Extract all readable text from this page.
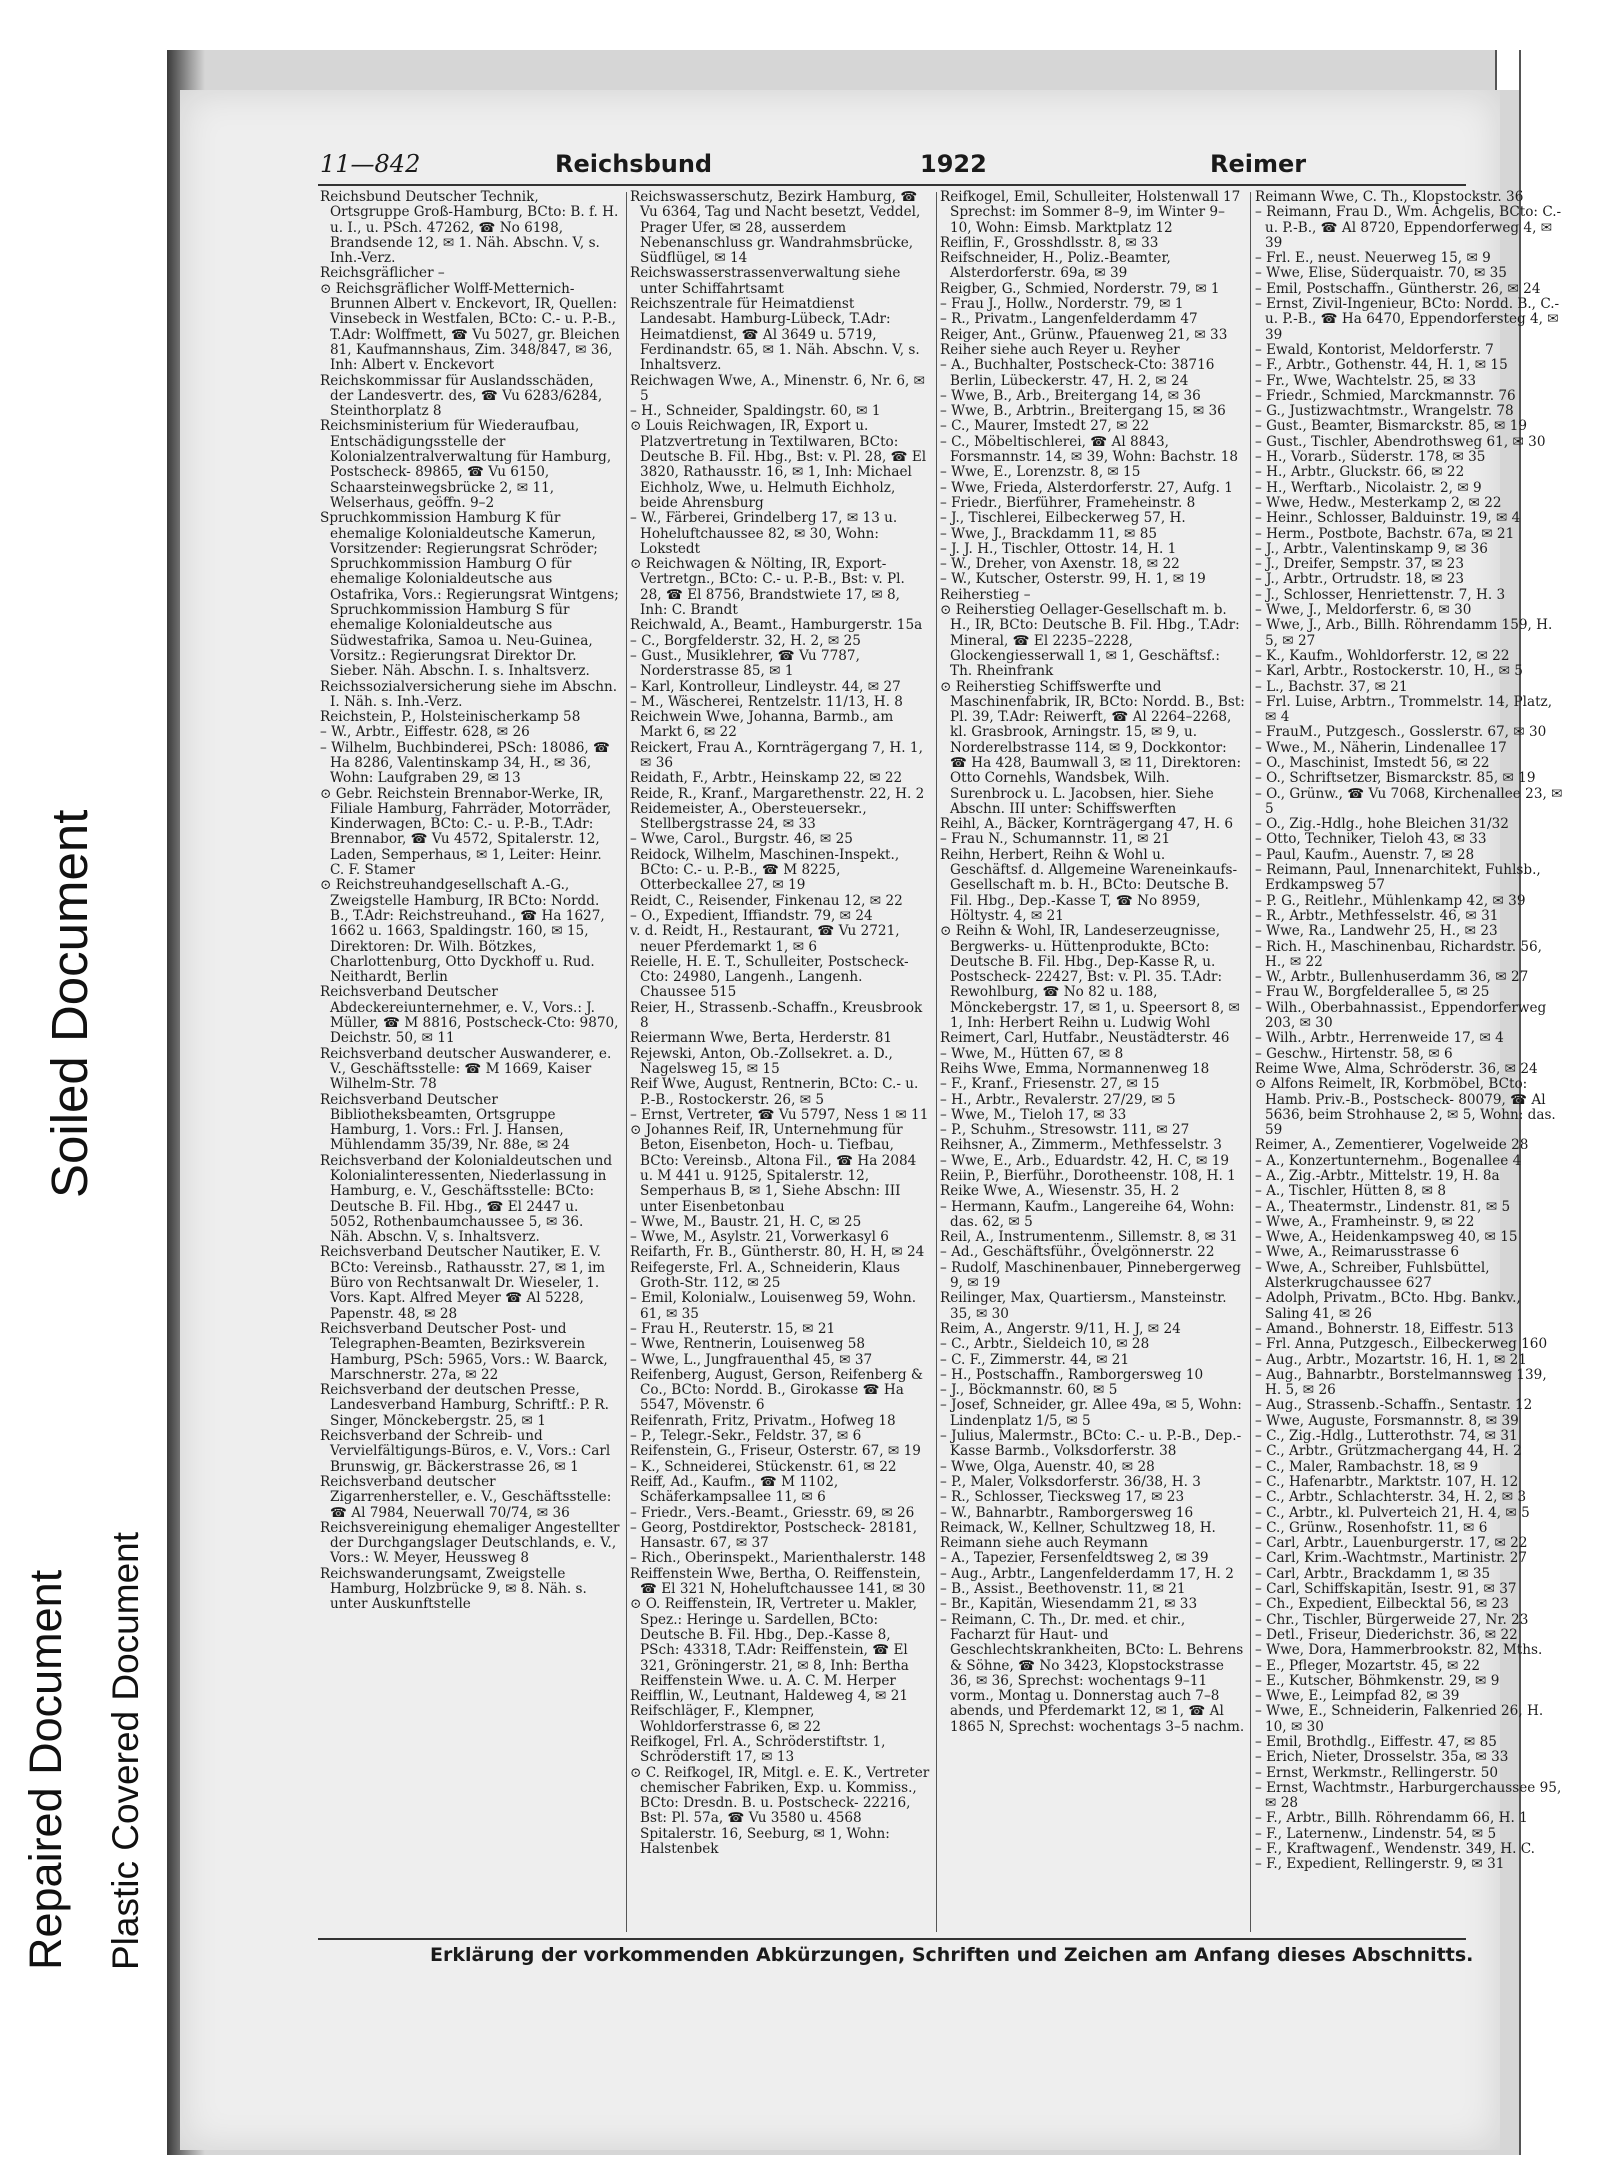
Soiled Document
Repaired Document Plastic Covered Document
11—842	Reichsbund	1922	Reimer

Reichsbund Deutscher Technik, Ortsgruppe Groß-Hamburg, BCto: B. f. H. u. I., u. PSch. 47262, ☎ No 6198, Brandsende 12, ✉ 1. Näh. Abschn. V, s. Inh.-Verz.

Reichsgräflicher –

⊙ Reichsgräflicher Wolff-Metternich-Brunnen Albert v. Enckevort, IR, Quellen: Vinsebeck in Westfalen, BCto: C.- u. P.-B., T.Adr: Wolffmett, ☎ Vu 5027, gr. Bleichen 81, Kaufmannshaus, Zim. 348/847, ✉ 36, Inh: Albert v. Enckevort

Reichskommissar für Auslandsschäden, der Landesvertr. des, ☎ Vu 6283/6284, Steinthorplatz 8

Reichsministerium für Wiederaufbau, Entschädigungsstelle der Kolonialzentralverwaltung für Hamburg, Postscheck- 89865, ☎ Vu 6150, Schaarsteinwegsbrücke 2, ✉ 11, Welserhaus, geöffn. 9–2

Spruchkommission Hamburg K für ehemalige Kolonialdeutsche Kamerun, Vorsitzender: Regierungsrat Schröder; Spruchkommission Hamburg O für ehemalige Kolonialdeutsche aus Ostafrika, Vors.: Regierungsrat Wintgens; Spruchkommission Hamburg S für ehemalige Kolonialdeutsche aus Südwestafrika, Samoa u. Neu-Guinea, Vorsitz.: Regierungsrat Direktor Dr. Sieber. Näh. Abschn. I. s. Inhaltsverz.

Reichssozialversicherung siehe im Abschn. I. Näh. s. Inh.-Verz.

Reichstein, P., Holsteinischerkamp 58

– W., Arbtr., Eiffestr. 628, ✉ 26

– Wilhelm, Buchbinderei, PSch: 18086, ☎ Ha 8286, Valentinskamp 34, H., ✉ 36, Wohn: Laufgraben 29, ✉ 13

⊙ Gebr. Reichstein Brennabor-Werke, IR, Filiale Hamburg, Fahrräder, Motorräder, Kinderwagen, BCto: C.- u. P.-B., T.Adr: Brennabor, ☎ Vu 4572, Spitalerstr. 12, Laden, Semperhaus, ✉ 1, Leiter: Heinr. C. F. Stamer

⊙ Reichstreuhandgesellschaft A.-G., Zweigstelle Hamburg, IR BCto: Nordd. B., T.Adr: Reichstreuhand., ☎ Ha 1627, 1662 u. 1663, Spaldingstr. 160, ✉ 15, Direktoren: Dr. Wilh. Bötzkes, Charlottenburg, Otto Dyckhoff u. Rud. Neithardt, Berlin

Reichsverband Deutscher Abdeckereiunternehmer, e. V., Vors.: J. Müller, ☎ M 8816, Postscheck-Cto: 9870, Deichstr. 50, ✉ 11

Reichsverband deutscher Auswanderer, e. V., Geschäftsstelle: ☎ M 1669, Kaiser Wilhelm-Str. 78

Reichsverband Deutscher Bibliotheksbeamten, Ortsgruppe Hamburg, 1. Vors.: Frl. J. Hansen, Mühlendamm 35/39, Nr. 88e, ✉ 24

Reichsverband der Kolonialdeutschen und Kolonialinteressenten, Niederlassung in Hamburg, e. V., Geschäftsstelle: BCto: Deutsche B. Fil. Hbg., ☎ El 2447 u. 5052, Rothenbaumchaussee 5, ✉ 36. Näh. Abschn. V, s. Inhaltsverz.

Reichsverband Deutscher Nautiker, E. V. BCto: Vereinsb., Rathausstr. 27, ✉ 1, im Büro von Rechtsanwalt Dr. Wieseler, 1. Vors. Kapt. Alfred Meyer ☎ Al 5228, Papenstr. 48, ✉ 28

Reichsverband Deutscher Post- und Telegraphen-Beamten, Bezirksverein Hamburg, PSch: 5965, Vors.: W. Baarck, Marschnerstr. 27a, ✉ 22

Reichsverband der deutschen Presse, Landesverband Hamburg, Schriftf.: P. R. Singer, Mönckebergstr. 25, ✉ 1

Reichsverband der Schreib- und Vervielfältigungs-Büros, e. V., Vors.: Carl Brunswig, gr. Bäckerstrasse 26, ✉ 1

Reichsverband deutscher Zigarrenhersteller, e. V., Geschäftsstelle: ☎ Al 7984, Neuerwall 70/74, ✉ 36

Reichsvereinigung ehemaliger Angestellter der Durchgangslager Deutschlands, e. V., Vors.: W. Meyer, Heussweg 8

Reichswanderungsamt, Zweigstelle Hamburg, Holzbrücke 9, ✉ 8. Näh. s. unter Auskunftstelle

Reichswasserschutz, Bezirk Hamburg, ☎ Vu 6364, Tag und Nacht besetzt, Veddel, Prager Ufer, ✉ 28, ausserdem Nebenanschluss gr. Wandrahmsbrücke, Südflügel, ✉ 14

Reichswasserstrassenverwaltung siehe unter Schiffahrtsamt

Reichszentrale für Heimatdienst Landesabt. Hamburg-Lübeck, T.Adr: Heimatdienst, ☎ Al 3649 u. 5719, Ferdinandstr. 65, ✉ 1. Näh. Abschn. V, s. Inhaltsverz.

Reichwagen Wwe, A., Minenstr. 6, Nr. 6, ✉ 5

– H., Schneider, Spaldingstr. 60, ✉ 1

⊙ Louis Reichwagen, IR, Export u. Platzvertretung in Textilwaren, BCto: Deutsche B. Fil. Hbg., Bst: v. Pl. 28, ☎ El 3820, Rathausstr. 16, ✉ 1, Inh: Michael Eichholz, Wwe, u. Helmuth Eichholz, beide Ahrensburg

– W., Färberei, Grindelberg 17, ✉ 13 u. Hoheluftchaussee 82, ✉ 30, Wohn: Lokstedt

⊙ Reichwagen & Nölting, IR, Export-Vertretgn., BCto: C.- u. P.-B., Bst: v. Pl. 28, ☎ El 8756, Brandstwiete 17, ✉ 8, Inh: C. Brandt

Reichwald, A., Beamt., Hamburgerstr. 15a

– C., Borgfelderstr. 32, H. 2, ✉ 25

– Gust., Musiklehrer, ☎ Vu 7787, Norderstrasse 85, ✉ 1

– Karl, Kontrolleur, Lindleystr. 44, ✉ 27

– M., Wäscherei, Rentzelstr. 11/13, H. 8

Reichwein Wwe, Johanna, Barmb., am Markt 6, ✉ 22

Reickert, Frau A., Kornträgergang 7, H. 1, ✉ 36

Reidath, F., Arbtr., Heinskamp 22, ✉ 22

Reide, R., Kranf., Margarethenstr. 22, H. 2

Reidemeister, A., Obersteuersekr., Stellbergstrasse 24, ✉ 33

– Wwe, Carol., Burgstr. 46, ✉ 25

Reidock, Wilhelm, Maschinen-Inspekt., BCto: C.- u. P.-B., ☎ M 8225, Otterbeckallee 27, ✉ 19

Reidt, C., Reisender, Finkenau 12, ✉ 22

– O., Expedient, Iffiandstr. 79, ✉ 24

v. d. Reidt, H., Restaurant, ☎ Vu 2721, neuer Pferdemarkt 1, ✉ 6

Reielle, H. E. T., Schulleiter, Postscheck-Cto: 24980, Langenh., Langenh. Chaussee 515

Reier, H., Strassenb.-Schaffn., Kreusbrook 8

Reiermann Wwe, Berta, Herderstr. 81

Rejewski, Anton, Ob.-Zollsekret. a. D., Nagelsweg 15, ✉ 15

Reif Wwe, August, Rentnerin, BCto: C.- u. P.-B., Rostockerstr. 26, ✉ 5

– Ernst, Vertreter, ☎ Vu 5797, Ness 1 ✉ 11

⊙ Johannes Reif, IR, Unternehmung für Beton, Eisenbeton, Hoch- u. Tiefbau, BCto: Vereinsb., Altona Fil., ☎ Ha 2084 u. M 441 u. 9125, Spitalerstr. 12, Semperhaus B, ✉ 1, Siehe Abschn: III unter Eisenbetonbau

– Wwe, M., Baustr. 21, H. C, ✉ 25

– Wwe, M., Asylstr. 21, Vorwerkasyl 6

Reifarth, Fr. B., Güntherstr. 80, H. H, ✉ 24

Reifegerste, Frl. A., Schneiderin, Klaus Groth-Str. 112, ✉ 25

– Emil, Kolonialw., Louisenweg 59, Wohn. 61, ✉ 35

– Frau H., Reuterstr. 15, ✉ 21

– Wwe, Rentnerin, Louisenweg 58

– Wwe, L., Jungfrauenthal 45, ✉ 37

Reifenberg, August, Gerson, Reifenberg & Co., BCto: Nordd. B., Girokasse ☎ Ha 5547, Mövenstr. 6

Reifenrath, Fritz, Privatm., Hofweg 18

– P., Telegr.-Sekr., Feldstr. 37, ✉ 6

Reifenstein, G., Friseur, Osterstr. 67, ✉ 19

– K., Schneiderei, Stückenstr. 61, ✉ 22

Reiff, Ad., Kaufm., ☎ M 1102, Schäferkampsallee 11, ✉ 6

– Friedr., Vers.-Beamt., Griesstr. 69, ✉ 26

– Georg, Postdirektor, Postscheck- 28181, Hansastr. 67, ✉ 37

– Rich., Oberinspekt., Marienthalerstr. 148

Reiffenstein Wwe, Bertha, O. Reiffenstein, ☎ El 321 N, Hoheluftchaussee 141, ✉ 30

⊙ O. Reiffenstein, IR, Vertreter u. Makler, Spez.: Heringe u. Sardellen, BCto: Deutsche B. Fil. Hbg., Dep.-Kasse 8, PSch: 43318, T.Adr: Reiffenstein, ☎ El 321, Gröningerstr. 21, ✉ 8, Inh: Bertha Reiffenstein Wwe. u. A. C. M. Herper

Reifflin, W., Leutnant, Haldeweg 4, ✉ 21

Reifschläger, F., Klempner, Wohldorferstrasse 6, ✉ 22

Reifkogel, Frl. A., Schröderstiftstr. 1, Schröderstift 17, ✉ 13

⊙ C. Reifkogel, IR, Mitgl. e. E. K., Vertreter chemischer Fabriken, Exp. u. Kommiss., BCto: Dresdn. B. u. Postscheck- 22216, Bst: Pl. 57a, ☎ Vu 3580 u. 4568 Spitalerstr. 16, Seeburg, ✉ 1, Wohn: Halstenbek

Reifkogel, Emil, Schulleiter, Holstenwall 17 Sprechst: im Sommer 8–9, im Winter 9–10, Wohn: Eimsb. Marktplatz 12

Reiflin, F., Grosshdlsstr. 8, ✉ 33

Reifschneider, H., Poliz.-Beamter, Alsterdorferstr. 69a, ✉ 39

Reigber, G., Schmied, Norderstr. 79, ✉ 1

– Frau J., Hollw., Norderstr. 79, ✉ 1

– R., Privatm., Langenfelderdamm 47

Reiger, Ant., Grünw., Pfauenweg 21, ✉ 33

Reiher siehe auch Reyer u. Reyher

– A., Buchhalter, Postscheck-Cto: 38716 Berlin, Lübeckerstr. 47, H. 2, ✉ 24

– Wwe, B., Arb., Breitergang 14, ✉ 36

– Wwe, B., Arbtrin., Breitergang 15, ✉ 36

– C., Maurer, Imstedt 27, ✉ 22

– C., Möbeltischlerei, ☎ Al 8843, Forsmannstr. 14, ✉ 39, Wohn: Bachstr. 18

– Wwe, E., Lorenzstr. 8, ✉ 15

– Wwe, Frieda, Alsterdorferstr. 27, Aufg. 1

– Friedr., Bierführer, Frameheinstr. 8

– J., Tischlerei, Eilbeckerweg 57, H.

– Wwe, J., Brackdamm 11, ✉ 85

– J. J. H., Tischler, Ottostr. 14, H. 1

– W., Dreher, von Axenstr. 18, ✉ 22

– W., Kutscher, Osterstr. 99, H. 1, ✉ 19

Reiherstieg –

⊙ Reiherstieg Oellager-Gesellschaft m. b. H., IR, BCto: Deutsche B. Fil. Hbg., T.Adr: Mineral, ☎ El 2235–2228, Glockengiesserwall 1, ✉ 1, Geschäftsf.: Th. Rheinfrank

⊙ Reiherstieg Schiffswerfte und Maschinenfabrik, IR, BCto: Nordd. B., Bst: Pl. 39, T.Adr: Reiwerft, ☎ Al 2264–2268, kl. Grasbrook, Arningstr. 15, ✉ 9, u. Norderelbstrasse 114, ✉ 9, Dockkontor: ☎ Ha 428, Baumwall 3, ✉ 11, Direktoren: Otto Cornehls, Wandsbek, Wilh. Surenbrock u. L. Jacobsen, hier. Siehe Abschn. III unter: Schiffswerften

Reihl, A., Bäcker, Kornträgergang 47, H. 6

– Frau N., Schumannstr. 11, ✉ 21

Reihn, Herbert, Reihn & Wohl u. Geschäftsf. d. Allgemeine Wareneinkaufs-Gesellschaft m. b. H., BCto: Deutsche B. Fil. Hbg., Dep.-Kasse T, ☎ No 8959, Höltystr. 4, ✉ 21

⊙ Reihn & Wohl, IR, Landeserzeugnisse, Bergwerks- u. Hüttenprodukte, BCto: Deutsche B. Fil. Hbg., Dep-Kasse R, u. Postscheck- 22427, Bst: v. Pl. 35. T.Adr: Rewohlburg, ☎ No 82 u. 188, Mönckebergstr. 17, ✉ 1, u. Speersort 8, ✉ 1, Inh: Herbert Reihn u. Ludwig Wohl

Reimert, Carl, Hutfabr., Neustädterstr. 46

– Wwe, M., Hütten 67, ✉ 8

Reihs Wwe, Emma, Normannenweg 18

– F., Kranf., Friesenstr. 27, ✉ 15

– H., Arbtr., Revalerstr. 27/29, ✉ 5

– Wwe, M., Tieloh 17, ✉ 33

– P., Schuhm., Stresowstr. 111, ✉ 27

Reihsner, A., Zimmerm., Methfesselstr. 3

– Wwe, E., Arb., Eduardstr. 42, H. C, ✉ 19

Reiin, P., Bierführ., Dorotheenstr. 108, H. 1

Reike Wwe, A., Wiesenstr. 35, H. 2

– Hermann, Kaufm., Langereihe 64, Wohn: das. 62, ✉ 5

Reil, A., Instrumentenm., Sillemstr. 8, ✉ 31

– Ad., Geschäftsführ., Övelgönnerstr. 22

– Rudolf, Maschinenbauer, Pinnebergerweg 9, ✉ 19

Reilinger, Max, Quartiersm., Mansteinstr. 35, ✉ 30

Reim, A., Angerstr. 9/11, H. J, ✉ 24

– C., Arbtr., Sieldeich 10, ✉ 28

– C. F., Zimmerstr. 44, ✉ 21

– H., Postschaffn., Ramborgersweg 10

– J., Böckmannstr. 60, ✉ 5

– Josef, Schneider, gr. Allee 49a, ✉ 5, Wohn: Lindenplatz 1/5, ✉ 5

– Julius, Malermstr., BCto: C.- u. P.-B., Dep.-Kasse Barmb., Volksdorferstr. 38

– Wwe, Olga, Auenstr. 40, ✉ 28

– P., Maler, Volksdorferstr. 36/38, H. 3

– R., Schlosser, Tiecksweg 17, ✉ 23

– W., Bahnarbtr., Ramborgersweg 16

Reimack, W., Kellner, Schultzweg 18, H.

Reimann siehe auch Reymann

– A., Tapezier, Fersenfeldtsweg 2, ✉ 39

– Aug., Arbtr., Langenfelderdamm 17, H. 2

– B., Assist., Beethovenstr. 11, ✉ 21

– Br., Kapitän, Wiesendamm 21, ✉ 33

– Reimann, C. Th., Dr. med. et chir., Facharzt für Haut- und Geschlechtskrankheiten, BCto: L. Behrens & Söhne, ☎ No 3423, Klopstockstrasse 36, ✉ 36, Sprechst: wochentags 9–11 vorm., Montag u. Donnerstag auch 7–8 abends, und Pferdemarkt 12, ✉ 1, ☎ Al 1865 N, Sprechst: wochentags 3–5 nachm.

Reimann Wwe, C. Th., Klopstockstr. 36

– Reimann, Frau D., Wm. Achgelis, BCto: C.- u. P.-B., ☎ Al 8720, Eppendorferweg 4, ✉ 39

– Frl. E., neust. Neuerweg 15, ✉ 9

– Wwe, Elise, Süderquaistr. 70, ✉ 35

– Emil, Postschaffn., Güntherstr. 26, ✉ 24

– Ernst, Zivil-Ingenieur, BCto: Nordd. B., C.- u. P.-B., ☎ Ha 6470, Eppendorfersteg 4, ✉ 39

– Ewald, Kontorist, Meldorferstr. 7

– F., Arbtr., Gothenstr. 44, H. 1, ✉ 15

– Fr., Wwe, Wachtelstr. 25, ✉ 33

– Friedr., Schmied, Marckmannstr. 76

– G., Justizwachtmstr., Wrangelstr. 78

– Gust., Beamter, Bismarckstr. 85, ✉ 19

– Gust., Tischler, Abendrothsweg 61, ✉ 30

– H., Vorarb., Süderstr. 178, ✉ 35

– H., Arbtr., Gluckstr. 66, ✉ 22

– H., Werftarb., Nicolaistr. 2, ✉ 9

– Wwe, Hedw., Mesterkamp 2, ✉ 22

– Heinr., Schlosser, Balduinstr. 19, ✉ 4

– Herm., Postbote, Bachstr. 67a, ✉ 21

– J., Arbtr., Valentinskamp 9, ✉ 36

– J., Dreifer, Sempstr. 37, ✉ 23

– J., Arbtr., Ortrudstr. 18, ✉ 23

– J., Schlosser, Henriettenstr. 7, H. 3

– Wwe, J., Meldorferstr. 6, ✉ 30

– Wwe, J., Arb., Billh. Röhrendamm 159, H. 5, ✉ 27

– K., Kaufm., Wohldorferstr. 12, ✉ 22

– Karl, Arbtr., Rostockerstr. 10, H., ✉ 5

– L., Bachstr. 37, ✉ 21

– Frl. Luise, Arbtrn., Trommelstr. 14, Platz, ✉ 4

– FrauM., Putzgesch., Gosslerstr. 67, ✉ 30

– Wwe., M., Näherin, Lindenallee 17

– O., Maschinist, Imstedt 56, ✉ 22

– O., Schriftsetzer, Bismarckstr. 85, ✉ 19

– O., Grünw., ☎ Vu 7068, Kirchenallee 23, ✉ 5

– O., Zig.-Hdlg., hohe Bleichen 31/32

– Otto, Techniker, Tieloh 43, ✉ 33

– Paul, Kaufm., Auenstr. 7, ✉ 28

– Reimann, Paul, Innenarchitekt, Fuhlsb., Erdkampsweg 57

– P. G., Reitlehr., Mühlenkamp 42, ✉ 39

– R., Arbtr., Methfesselstr. 46, ✉ 31

– Wwe, Ra., Landwehr 25, H., ✉ 23

– Rich. H., Maschinenbau, Richardstr. 56, H., ✉ 22

– W., Arbtr., Bullenhuserdamm 36, ✉ 27

– Frau W., Borgfelderallee 5, ✉ 25

– Wilh., Oberbahnassist., Eppendorferweg 203, ✉ 30

– Wilh., Arbtr., Herrenweide 17, ✉ 4

– Geschw., Hirtenstr. 58, ✉ 6

Reime Wwe, Alma, Schröderstr. 36, ✉ 24

⊙ Alfons Reimelt, IR, Korbmöbel, BCto: Hamb. Priv.-B., Postscheck- 80079, ☎ Al 5636, beim Strohhause 2, ✉ 5, Wohn: das. 59

Reimer, A., Zementierer, Vogelweide 28

– A., Konzertunternehm., Bogenallee 4

– A., Zig.-Arbtr., Mittelstr. 19, H. 8a

– A., Tischler, Hütten 8, ✉ 8

– A., Theatermstr., Lindenstr. 81, ✉ 5

– Wwe, A., Framheinstr. 9, ✉ 22

– Wwe, A., Heidenkampsweg 40, ✉ 15

– Wwe, A., Reimarusstrasse 6

– Wwe, A., Schreiber, Fuhlsbüttel, Alsterkrugchaussee 627

– Adolph, Privatm., BCto. Hbg. Bankv., Saling 41, ✉ 26

– Amand., Bohnerstr. 18, Eiffestr. 513

– Frl. Anna, Putzgesch., Eilbeckerweg 160

– Aug., Arbtr., Mozartstr. 16, H. 1, ✉ 21

– Aug., Bahnarbtr., Borstelmannsweg 139, H. 5, ✉ 26

– Aug., Strassenb.-Schaffn., Sentastr. 12

– Wwe, Auguste, Forsmannstr. 8, ✉ 39

– C., Zig.-Hdlg., Lutterothstr. 74, ✉ 31

– C., Arbtr., Grützmachergang 44, H. 2

– C., Maler, Rambachstr. 18, ✉ 9

– C., Hafenarbtr., Marktstr. 107, H. 12

– C., Arbtr., Schlachterstr. 34, H. 2, ✉ 3

– C., Arbtr., kl. Pulverteich 21, H. 4, ✉ 5

– C., Grünw., Rosenhofstr. 11, ✉ 6

– Carl, Arbtr., Lauenburgerstr. 17, ✉ 22

– Carl, Krim.-Wachtmstr., Martinistr. 27

– Carl, Arbtr., Brackdamm 1, ✉ 35

– Carl, Schiffskapitän, Isestr. 91, ✉ 37

– Ch., Expedient, Eilbecktal 56, ✉ 23

– Chr., Tischler, Bürgerweide 27, Nr. 23

– Detl., Friseur, Diederichstr. 36, ✉ 22

– Wwe, Dora, Hammerbrookstr. 82, Mths.

– E., Pfleger, Mozartstr. 45, ✉ 22

– E., Kutscher, Böhmkenstr. 29, ✉ 9

– Wwe, E., Leimpfad 82, ✉ 39

– Wwe, E., Schneiderin, Falkenried 26, H. 10, ✉ 30

– Emil, Brothdlg., Eiffestr. 47, ✉ 85

– Erich, Nieter, Drosselstr. 35a, ✉ 33

– Ernst, Werkmstr., Rellingerstr. 50

– Ernst, Wachtmstr., Harburgerchaussee 95, ✉ 28

– F., Arbtr., Billh. Röhrendamm 66, H. 1

– F., Laternenw., Lindenstr. 54, ✉ 5

– F., Kraftwagenf., Wendenstr. 349, H. C.

– F., Expedient, Rellingerstr. 9, ✉ 31

Erklärung der vorkommenden Abkürzungen, Schriften und Zeichen am Anfang dieses Abschnitts.
